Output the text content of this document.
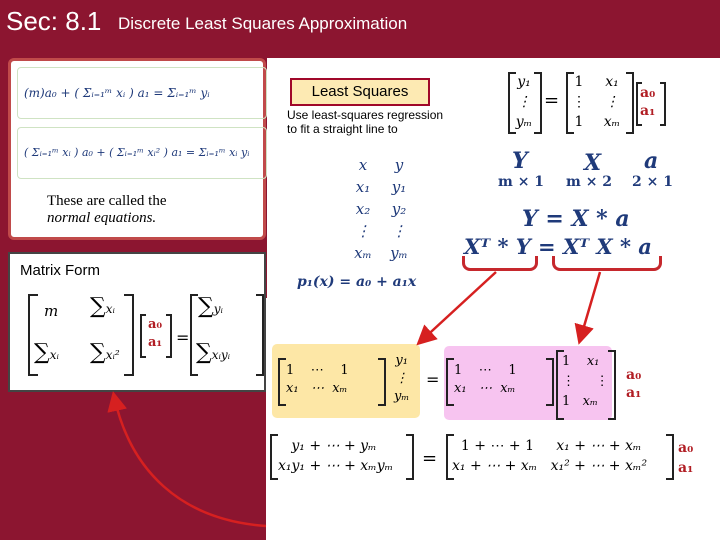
Sec: 8.1 Discrete Least Squares Approximation
(m)a₀ + ( Σᵢ₌₁ᵐ xᵢ ) a₁ = Σᵢ₌₁ᵐ yᵢ
( Σᵢ₌₁ᵐ xᵢ ) a₀ + ( Σᵢ₌₁ᵐ xᵢ² ) a₁ = Σᵢ₌₁ᵐ xᵢ yᵢ
These are called the
normal equations.
Matrix Form
m ∑xᵢ
∑xᵢ ∑xᵢ²
a₀
a₁ =
∑yᵢ
∑xᵢyᵢ
Use least-squares regression to fit a straight line to
x
x₁
x₂
⋮
xₘ
y
y₁
y₂
⋮
yₘ
p₁(x) = a₀ + a₁x
Least Squares
y₁
⋮
yₘ
=
1
⋮
1
x₁
⋮
xₘ
a₀
a₁
Y	X a
m × 1 m × 2 2 × 1
Y = X * a
Xᵀ * Y = Xᵀ X * a
1    ⋯    1
x₁   ⋯  xₘ
y₁
⋮
yₘ
= 1    ⋯    1
x₁   ⋯  xₘ
1    x₁
⋮     ⋮
1   xₘ
a₀
a₁
y₁ + ⋯ + yₘ
x₁y₁ + ⋯ + xₘyₘ =
1 + ⋯ + 1     x₁ + ⋯ + xₘ
x₁ + ⋯ + xₘ   x₁² + ⋯ + xₘ²
a₀
a₁
